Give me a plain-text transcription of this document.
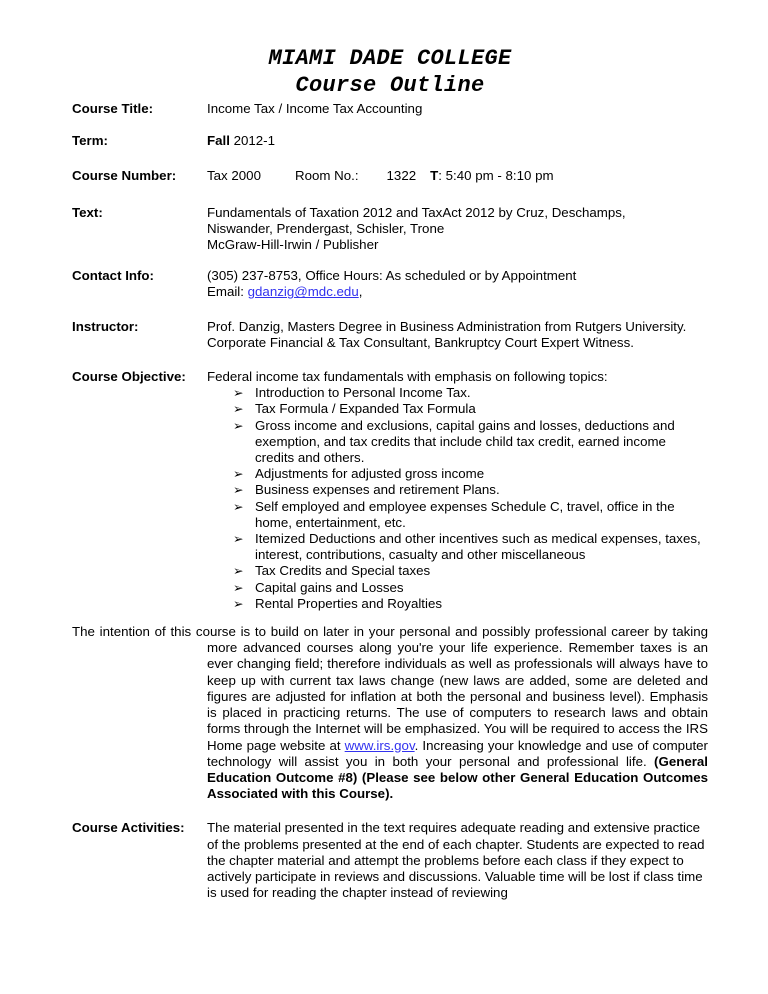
MIAMI DADE COLLEGE
Course Outline
Course Title:	Income Tax / Income Tax Accounting
Term:	Fall 2012-1
Course Number:	Tax 2000	Room No.: 1322 T: 5:40 pm - 8:10 pm
Text:	Fundamentals of Taxation 2012 and TaxAct 2012 by Cruz, Deschamps,
Niswander, Prendergast, Schisler, Trone
McGraw-Hill-Irwin / Publisher
Contact Info:	(305) 237-8753, Office Hours: As scheduled or by Appointment
Email: gdanzig@mdc.edu,
Instructor:	Prof. Danzig, Masters Degree in Business Administration from Rutgers University. Corporate Financial & Tax Consultant, Bankruptcy Court Expert Witness.
Course Objective:	Federal income tax fundamentals with emphasis on following topics:
➢ Introduction to Personal Income Tax.
➢ Tax Formula / Expanded Tax Formula
➢ Gross income and exclusions, capital gains and losses, deductions and exemption, and tax credits that include child tax credit, earned income credits and others.
➢ Adjustments for adjusted gross income
➢ Business expenses and retirement Plans.
➢ Self employed and employee expenses Schedule C, travel, office in the home, entertainment, etc.
➢ Itemized Deductions and other incentives such as medical expenses, taxes, interest, contributions, casualty and other miscellaneous
➢ Tax Credits and Special taxes
➢ Capital gains and Losses
➢ Rental Properties and Royalties

The intention of this course is to build on later in your personal and possibly professional career by taking more advanced courses along you're your life experience. Remember taxes is an ever changing field; therefore individuals as well as professionals will always have to keep up with current tax laws change (new laws are added, some are deleted and figures are adjusted for inflation at both the personal and business level). Emphasis is placed in practicing returns. The use of computers to research laws and obtain forms through the Internet will be emphasized. You will be required to access the IRS Home page website at www.irs.gov. Increasing your knowledge and use of computer technology will assist you in both your personal and professional life. (General Education Outcome #8) (Please see below other General Education Outcomes Associated with this Course).

Course Activities:	The material presented in the text requires adequate reading and extensive practice of the problems presented at the end of each chapter. Students are expected to read the chapter material and attempt the problems before each class if they expect to actively participate in reviews and discussions. Valuable time will be lost if class time is used for reading the chapter instead of reviewing
